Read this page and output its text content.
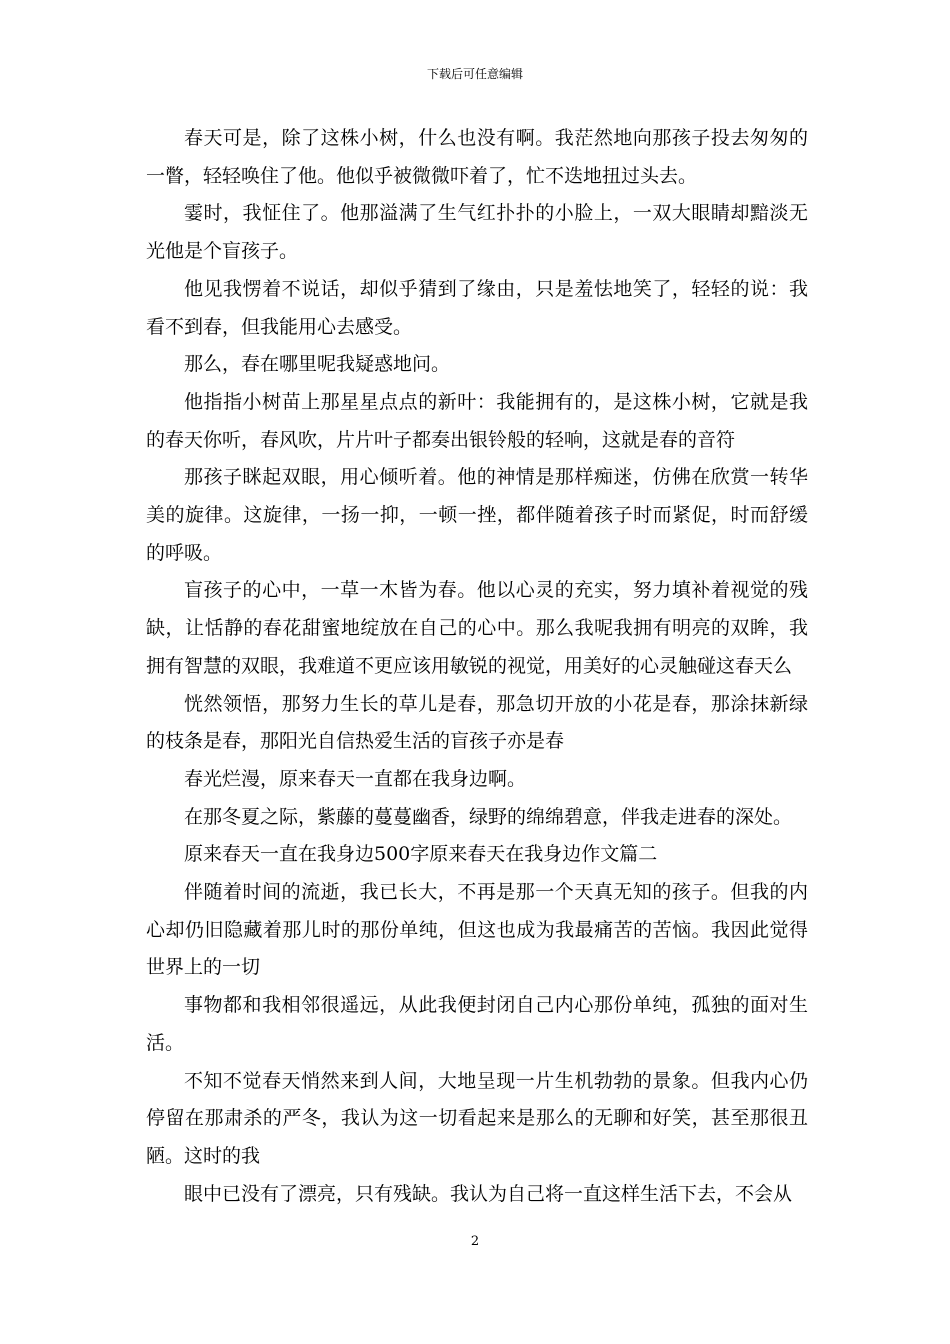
下载后可任意编辑

春天可是，除了这株小树，什么也没有啊。我茫然地向那孩子投去匆匆的一瞥，轻轻唤住了他。他似乎被微微吓着了，忙不迭地扭过头去。

霎时，我怔住了。他那溢满了生气红扑扑的小脸上，一双大眼睛却黯淡无光他是个盲孩子。

他见我愣着不说话，却似乎猜到了缘由，只是羞怯地笑了，轻轻的说：我看不到春，但我能用心去感受。

那么，春在哪里呢我疑惑地问。

他指指小树苗上那星星点点的新叶：我能拥有的，是这株小树，它就是我的春天你听，春风吹，片片叶子都奏出银铃般的轻响，这就是春的音符

那孩子眯起双眼，用心倾听着。他的神情是那样痴迷，仿佛在欣赏一转华美的旋律。这旋律，一扬一抑，一顿一挫，都伴随着孩子时而紧促，时而舒缓的呼吸。

盲孩子的心中，一草一木皆为春。他以心灵的充实，努力填补着视觉的残缺，让恬静的春花甜蜜地绽放在自己的心中。那么我呢我拥有明亮的双眸，我拥有智慧的双眼，我难道不更应该用敏锐的视觉，用美好的心灵触碰这春天么

恍然领悟，那努力生长的草儿是春，那急切开放的小花是春，那涂抹新绿的枝条是春，那阳光自信热爱生活的盲孩子亦是春

春光烂漫，原来春天一直都在我身边啊。

在那冬夏之际，紫藤的蔓蔓幽香，绿野的绵绵碧意，伴我走进春的深处。

原来春天一直在我身边500字原来春天在我身边作文篇二

伴随着时间的流逝，我已长大，不再是那一个天真无知的孩子。但我的内心却仍旧隐藏着那儿时的那份单纯，但这也成为我最痛苦的苦恼。我因此觉得世界上的一切

事物都和我相邻很遥远，从此我便封闭自己内心那份单纯，孤独的面对生活。

不知不觉春天悄然来到人间，大地呈现一片生机勃勃的景象。但我内心仍停留在那肃杀的严冬，我认为这一切看起来是那么的无聊和好笑，甚至那很丑陋。这时的我

眼中已没有了漂亮，只有残缺。我认为自己将一直这样生活下去，不会从

2
